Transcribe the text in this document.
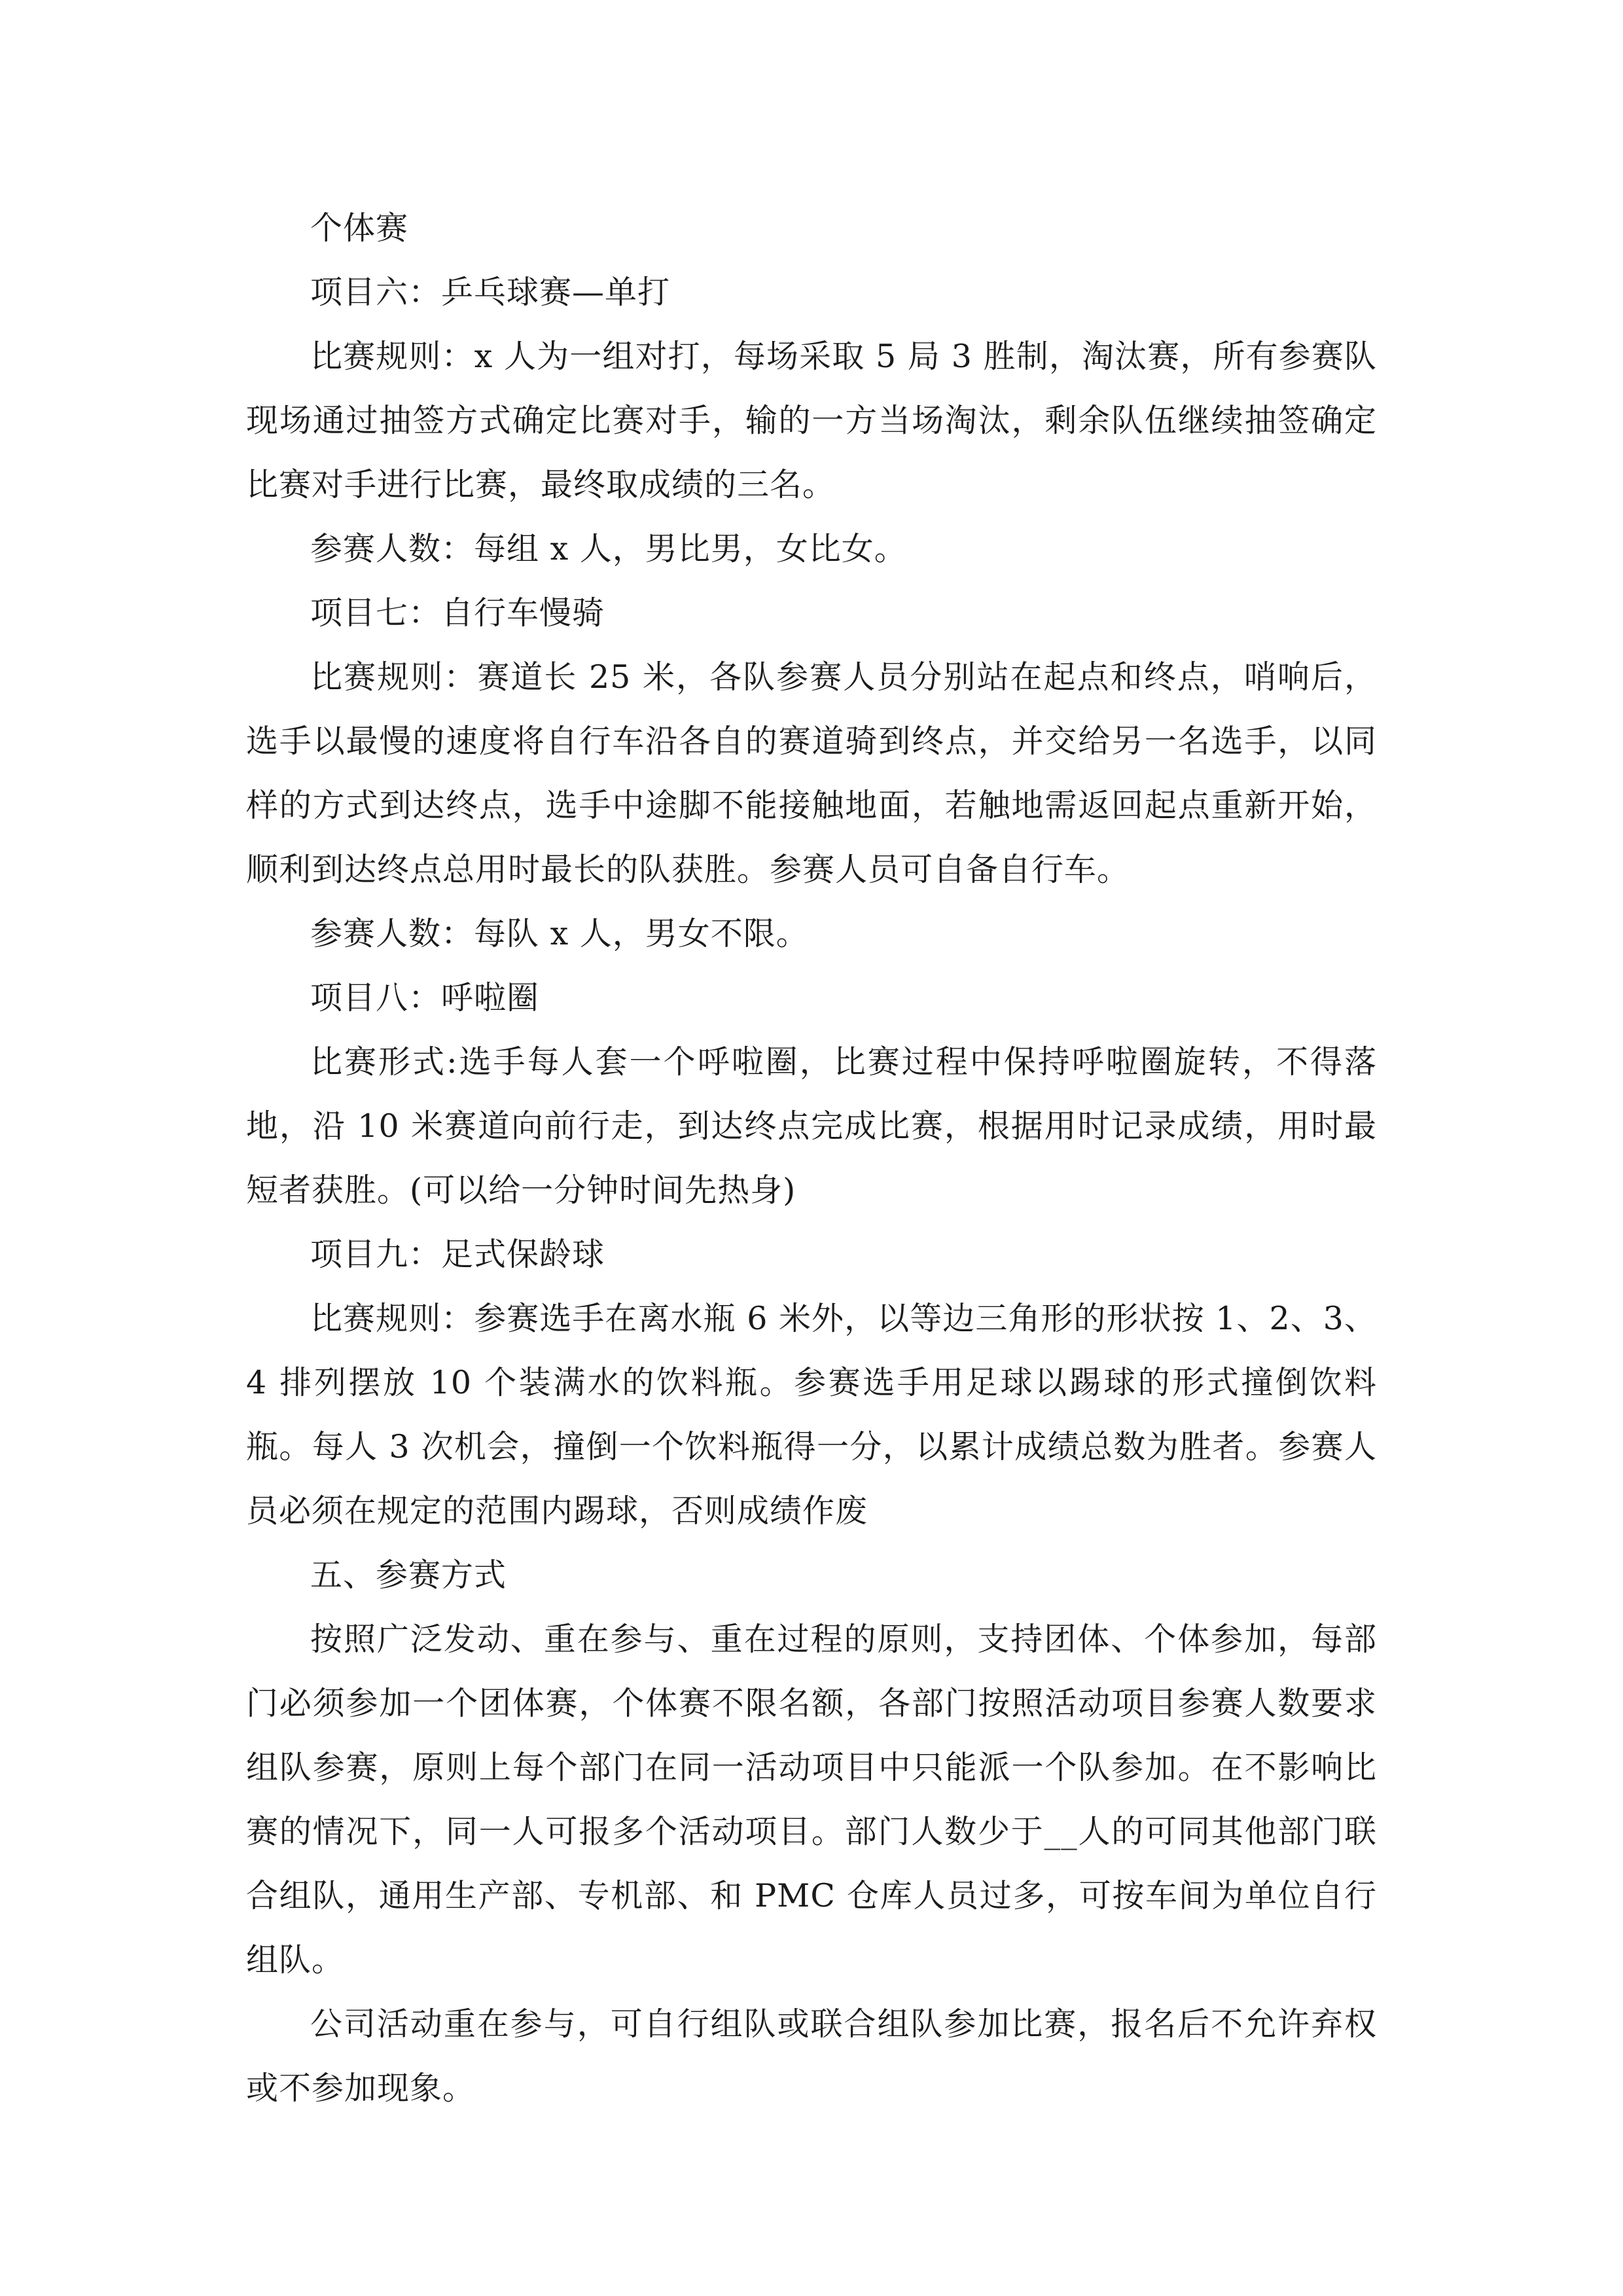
个体赛

项目六：乒乓球赛—单打

比赛规则：x 人为一组对打，每场采取 5 局 3 胜制，淘汰赛，所有参赛队现场通过抽签方式确定比赛对手，输的一方当场淘汰，剩余队伍继续抽签确定比赛对手进行比赛，最终取成绩的三名。

参赛人数：每组 x 人，男比男，女比女。

项目七：自行车慢骑

比赛规则：赛道长 25 米，各队参赛人员分别站在起点和终点，哨响后，选手以最慢的速度将自行车沿各自的赛道骑到终点，并交给另一名选手，以同样的方式到达终点，选手中途脚不能接触地面，若触地需返回起点重新开始，顺利到达终点总用时最长的队获胜。参赛人员可自备自行车。

参赛人数：每队 x 人，男女不限。

项目八：呼啦圈

比赛形式:选手每人套一个呼啦圈，比赛过程中保持呼啦圈旋转，不得落地，沿 10 米赛道向前行走，到达终点完成比赛，根据用时记录成绩，用时最短者获胜。(可以给一分钟时间先热身)

项目九：足式保龄球

比赛规则：参赛选手在离水瓶 6 米外，以等边三角形的形状按 1、2、3、4 排列摆放 10 个装满水的饮料瓶。参赛选手用足球以踢球的形式撞倒饮料瓶。每人 3 次机会，撞倒一个饮料瓶得一分，以累计成绩总数为胜者。参赛人员必须在规定的范围内踢球，否则成绩作废

五、参赛方式

按照广泛发动、重在参与、重在过程的原则，支持团体、个体参加，每部门必须参加一个团体赛，个体赛不限名额，各部门按照活动项目参赛人数要求组队参赛，原则上每个部门在同一活动项目中只能派一个队参加。在不影响比赛的情况下，同一人可报多个活动项目。部门人数少于__人的可同其他部门联合组队，通用生产部、专机部、和 PMC 仓库人员过多，可按车间为单位自行组队。

公司活动重在参与，可自行组队或联合组队参加比赛，报名后不允许弃权或不参加现象。
